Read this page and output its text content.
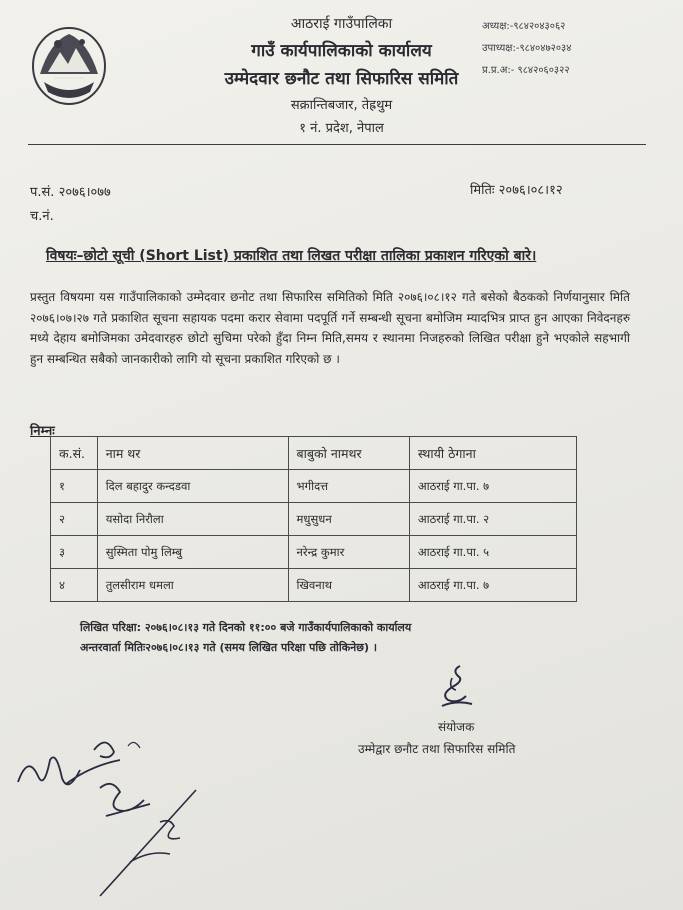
आठराई गाउँपालिका
गाउँ कार्यपालिकाको कार्यालय
उम्मेदवार छनौट तथा सिफारिस समिति
सक्रान्तिबजार, तेह्रथुम
१ नं. प्रदेश, नेपाल
अध्यक्ष:-९८४२०४३०६२
उपाध्यक्ष:-९८४०४७२०३४
प्र.प्र.अ:- ९८४२०६०३२२
प.सं. २०७६।०७७
च.नं.
मितिः २०७६।०८।१२
विषयः–छोटो सूची (Short List) प्रकाशित तथा लिखत परीक्षा तालिका प्रकाशन गरिएको बारे।
प्रस्तुत विषयमा यस गाउँपालिकाको उम्मेदवार छनोट तथा सिफारिस समितिको मिति २०७६।०८।१२ गते बसेको बैठकको निर्णयानुसार मिति २०७६।०७।२७ गते प्रकाशित सूचना सहायक पदमा करार सेवामा पदपूर्ति गर्ने सम्बन्धी सूचना बमोजिम म्यादभित्र प्राप्त हुन आएका निवेदनहरु मध्ये देहाय बमोजिमका उमेदवारहरु छोटो सुचिमा परेको हुँदा निम्न मिति,समय र स्थानमा निजहरुको लिखित परीक्षा हुने भएकोले सहभागी हुन सम्बन्धित सबैको जानकारीको लागि यो सूचना प्रकाशित गरिएको छ ।
निम्नः
क.सं.	नाम थर	बाबुको नामथर	स्थायी ठेगाना
१	दिल बहादुर कन्दडवा	भगीदत्त	आठराई गा.पा. ७
२	यसोदा निरौला	मधुसुधन	आठराई गा.पा. २
३	सुस्मिता पोमु लिम्बु	नरेन्द्र कुमार	आठराई गा.पा. ५
४	तुलसीराम धमला	खिवनाथ	आठराई गा.पा. ७
लिखित परिक्षा: २०७६।०८।१३ गते दिनको ११:०० बजे गाउँकार्यपालिकाको कार्यालय
अन्तरवार्ता मितिः२०७६।०८।१३ गते (समय लिखित परिक्षा पछि तोकिनेछ) ।
संयोजक
उम्मेद्वार छनौट तथा सिफारिस समिति
